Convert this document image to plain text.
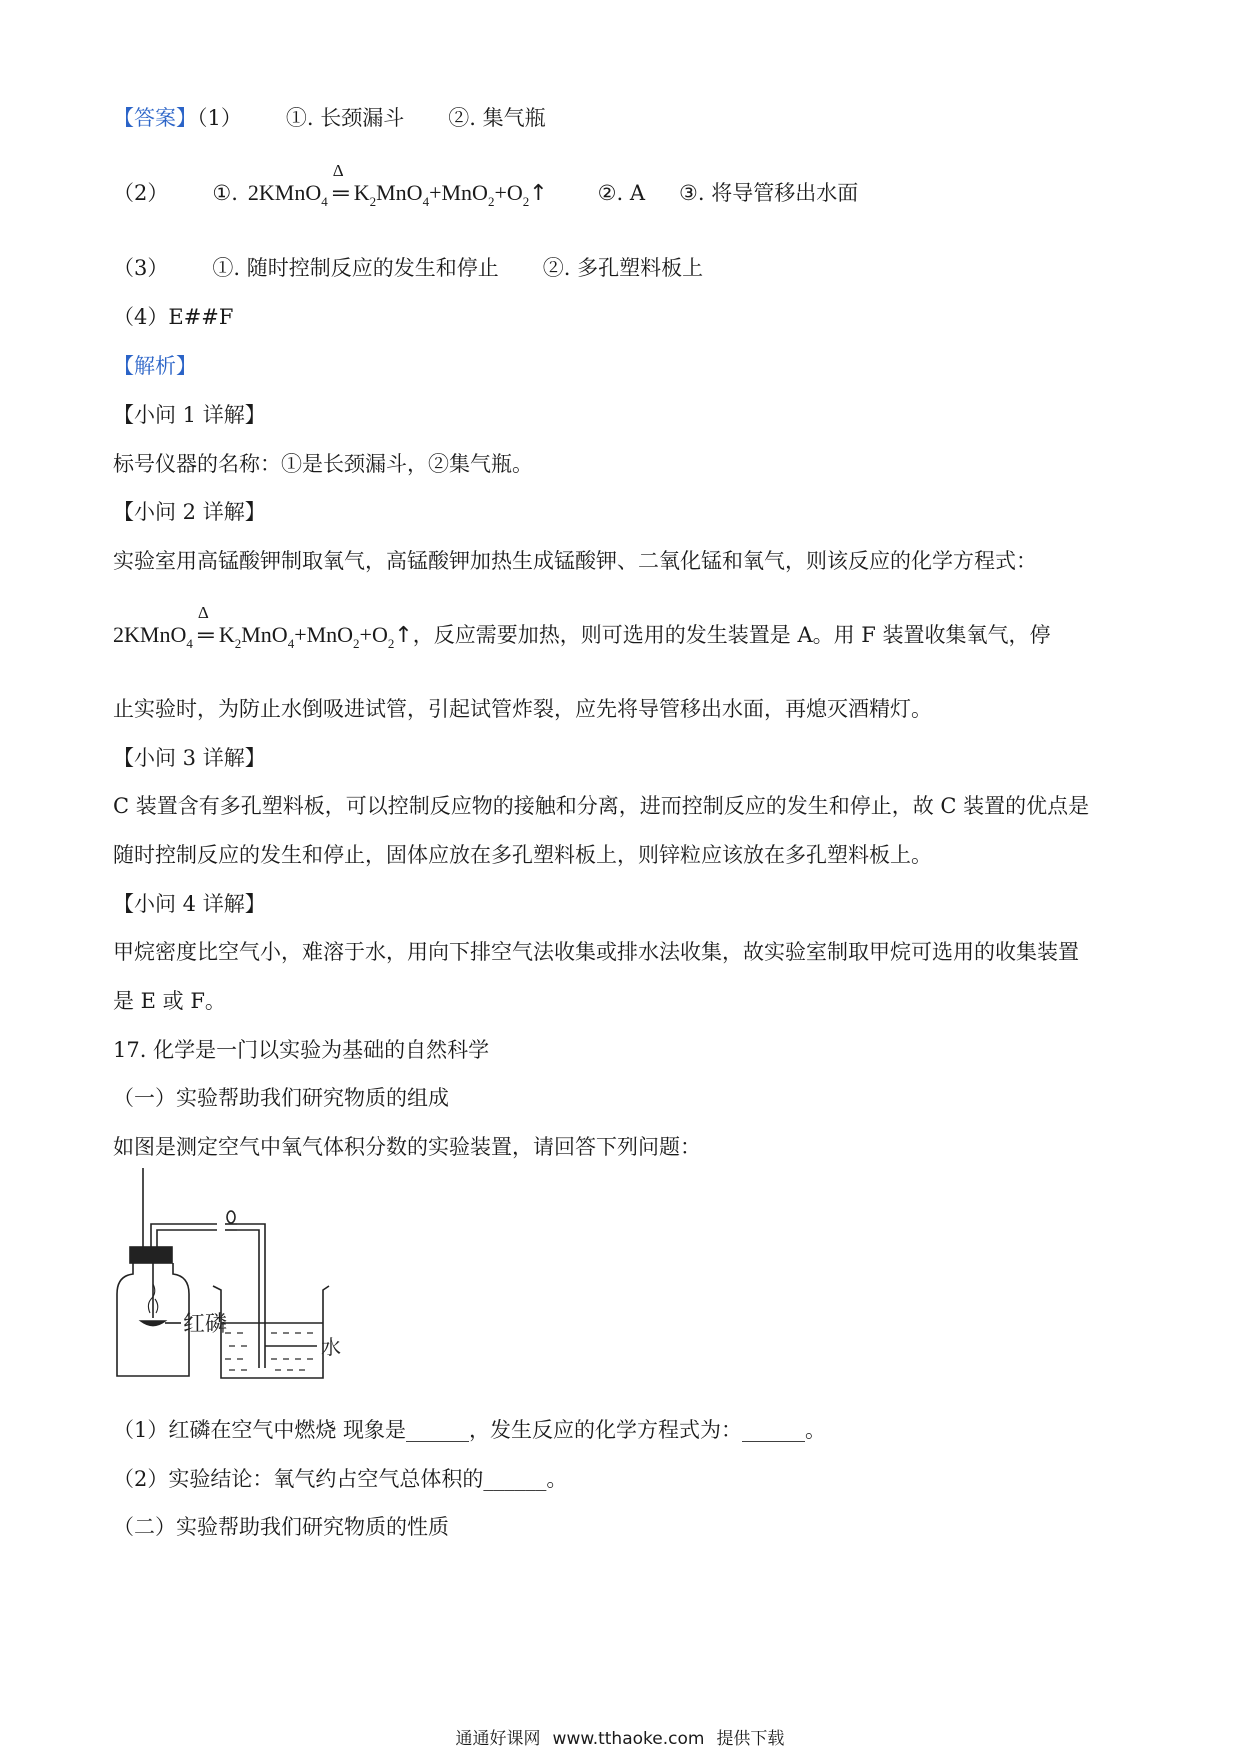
【答案】（1） ①. 长颈漏斗 ②. 集气瓶
（2） ①. 2KMnO$_4$
Δ
═ $K_2MnO_4+MnO_2+O_2↑$ ②. A ③. 将导管移出水面
（3） ①. 随时控制反应的发生和停止 ②. 多孔塑料板上
（4）E##F
【解析】
【小问 1 详解】
标号仪器的名称：①是长颈漏斗，②集气瓶。
【小问 2 详解】
实验室用高锰酸钾制取氧气，高锰酸钾加热生成锰酸钾、二氧化锰和氧气，则该反应的化学方程式：
2KMnO$_4$
Δ
═ $K_2MnO_4+MnO_2+O_2↑$，反应需要加热，则可选用的发生装置是 A。用 F 装置收集氧气，停
止实验时，为防止水倒吸进试管，引起试管炸裂，应先将导管移出水面，再熄灭酒精灯。
【小问 3 详解】
C 装置含有多孔塑料板，可以控制反应物的接触和分离，进而控制反应的发生和停止，故 C 装置的优点是
随时控制反应的发生和停止，固体应放在多孔塑料板上，则锌粒应该放在多孔塑料板上。
【小问 4 详解】
甲烷密度比空气小，难溶于水，用向下排空气法收集或排水法收集，故实验室制取甲烷可选用的收集装置
是 E 或 F。
17. 化学是一门以实验为基础的自然科学
（一）实验帮助我们研究物质的组成
如图是测定空气中氧气体积分数的实验装置，请回答下列问题：
红磷
水
（1）红磷在空气中燃烧 现象是______，发生反应的化学方程式为：______。
（2）实验结论：氧气约占空气总体积的______。
（二）实验帮助我们研究物质的性质
通通好课网 www.tthaoke.com 提供下载
